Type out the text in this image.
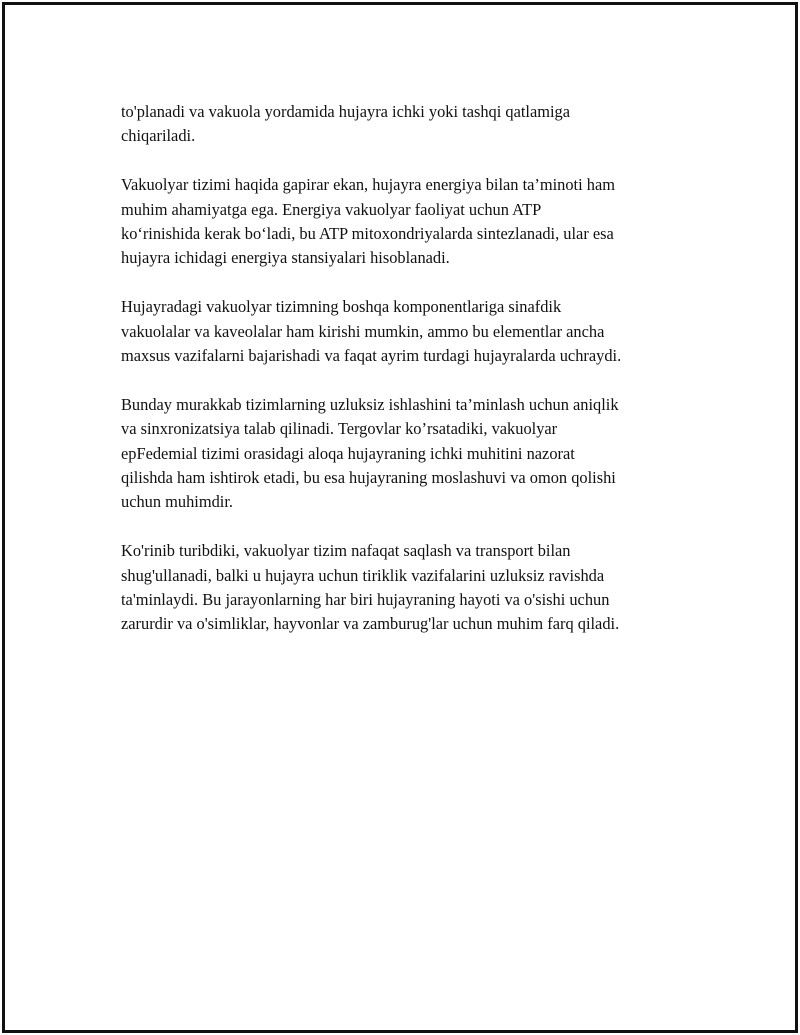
to'planadi va vakuola yordamida hujayra ichki yoki tashqi qatlamiga
chiqariladi.

Vakuolyar tizimi haqida gapirar ekan, hujayra energiya bilan ta’minoti ham
muhim ahamiyatga ega. Energiya vakuolyar faoliyat uchun ATP
ko‘rinishida kerak bo‘ladi, bu ATP mitoxondriyalarda sintezlanadi, ular esa
hujayra ichidagi energiya stansiyalari hisoblanadi.

Hujayradagi vakuolyar tizimning boshqa komponentlariga sinafdik
vakuolalar va kaveolalar ham kirishi mumkin, ammo bu elementlar ancha
maxsus vazifalarni bajarishadi va faqat ayrim turdagi hujayralarda uchraydi.

Bunday murakkab tizimlarning uzluksiz ishlashini ta’minlash uchun aniqlik
va sinxronizatsiya talab qilinadi. Tergovlar ko’rsatadiki, vakuolyar
epFedemial tizimi orasidagi aloqa hujayraning ichki muhitini nazorat
qilishda ham ishtirok etadi, bu esa hujayraning moslashuvi va omon qolishi
uchun muhimdir.

Ko'rinib turibdiki, vakuolyar tizim nafaqat saqlash va transport bilan
shug'ullanadi, balki u hujayra uchun tiriklik vazifalarini uzluksiz ravishda
ta'minlaydi. Bu jarayonlarning har biri hujayraning hayoti va o'sishi uchun
zarurdir va o'simliklar, hayvonlar va zamburug'lar uchun muhim farq qiladi.
